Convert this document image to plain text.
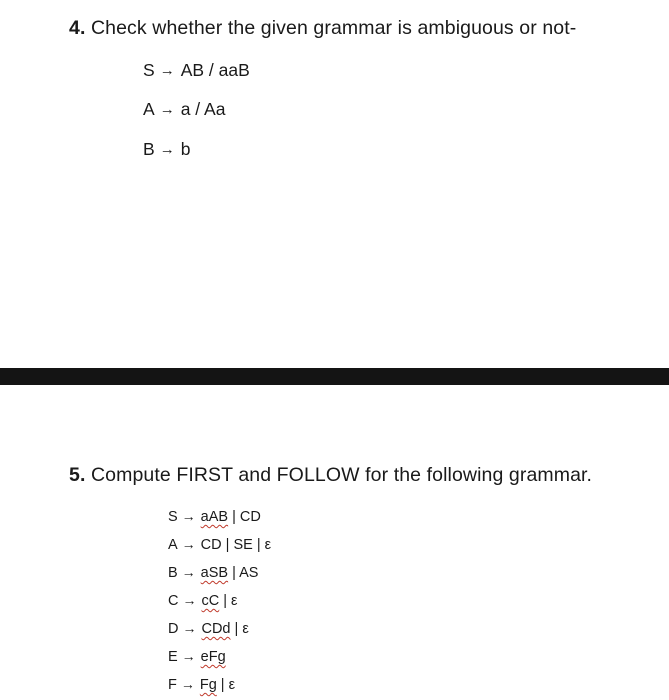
4. Check whether the given grammar is ambiguous or not-
S → AB / aaB
A → a / Aa
B → b
5. Compute FIRST and FOLLOW for the following grammar.
S → aAB | CD
A → CD | SE | ε
B → aSB | AS
C → cC | ε
D → CDd | ε
E → eFg
F → Fg | ε
